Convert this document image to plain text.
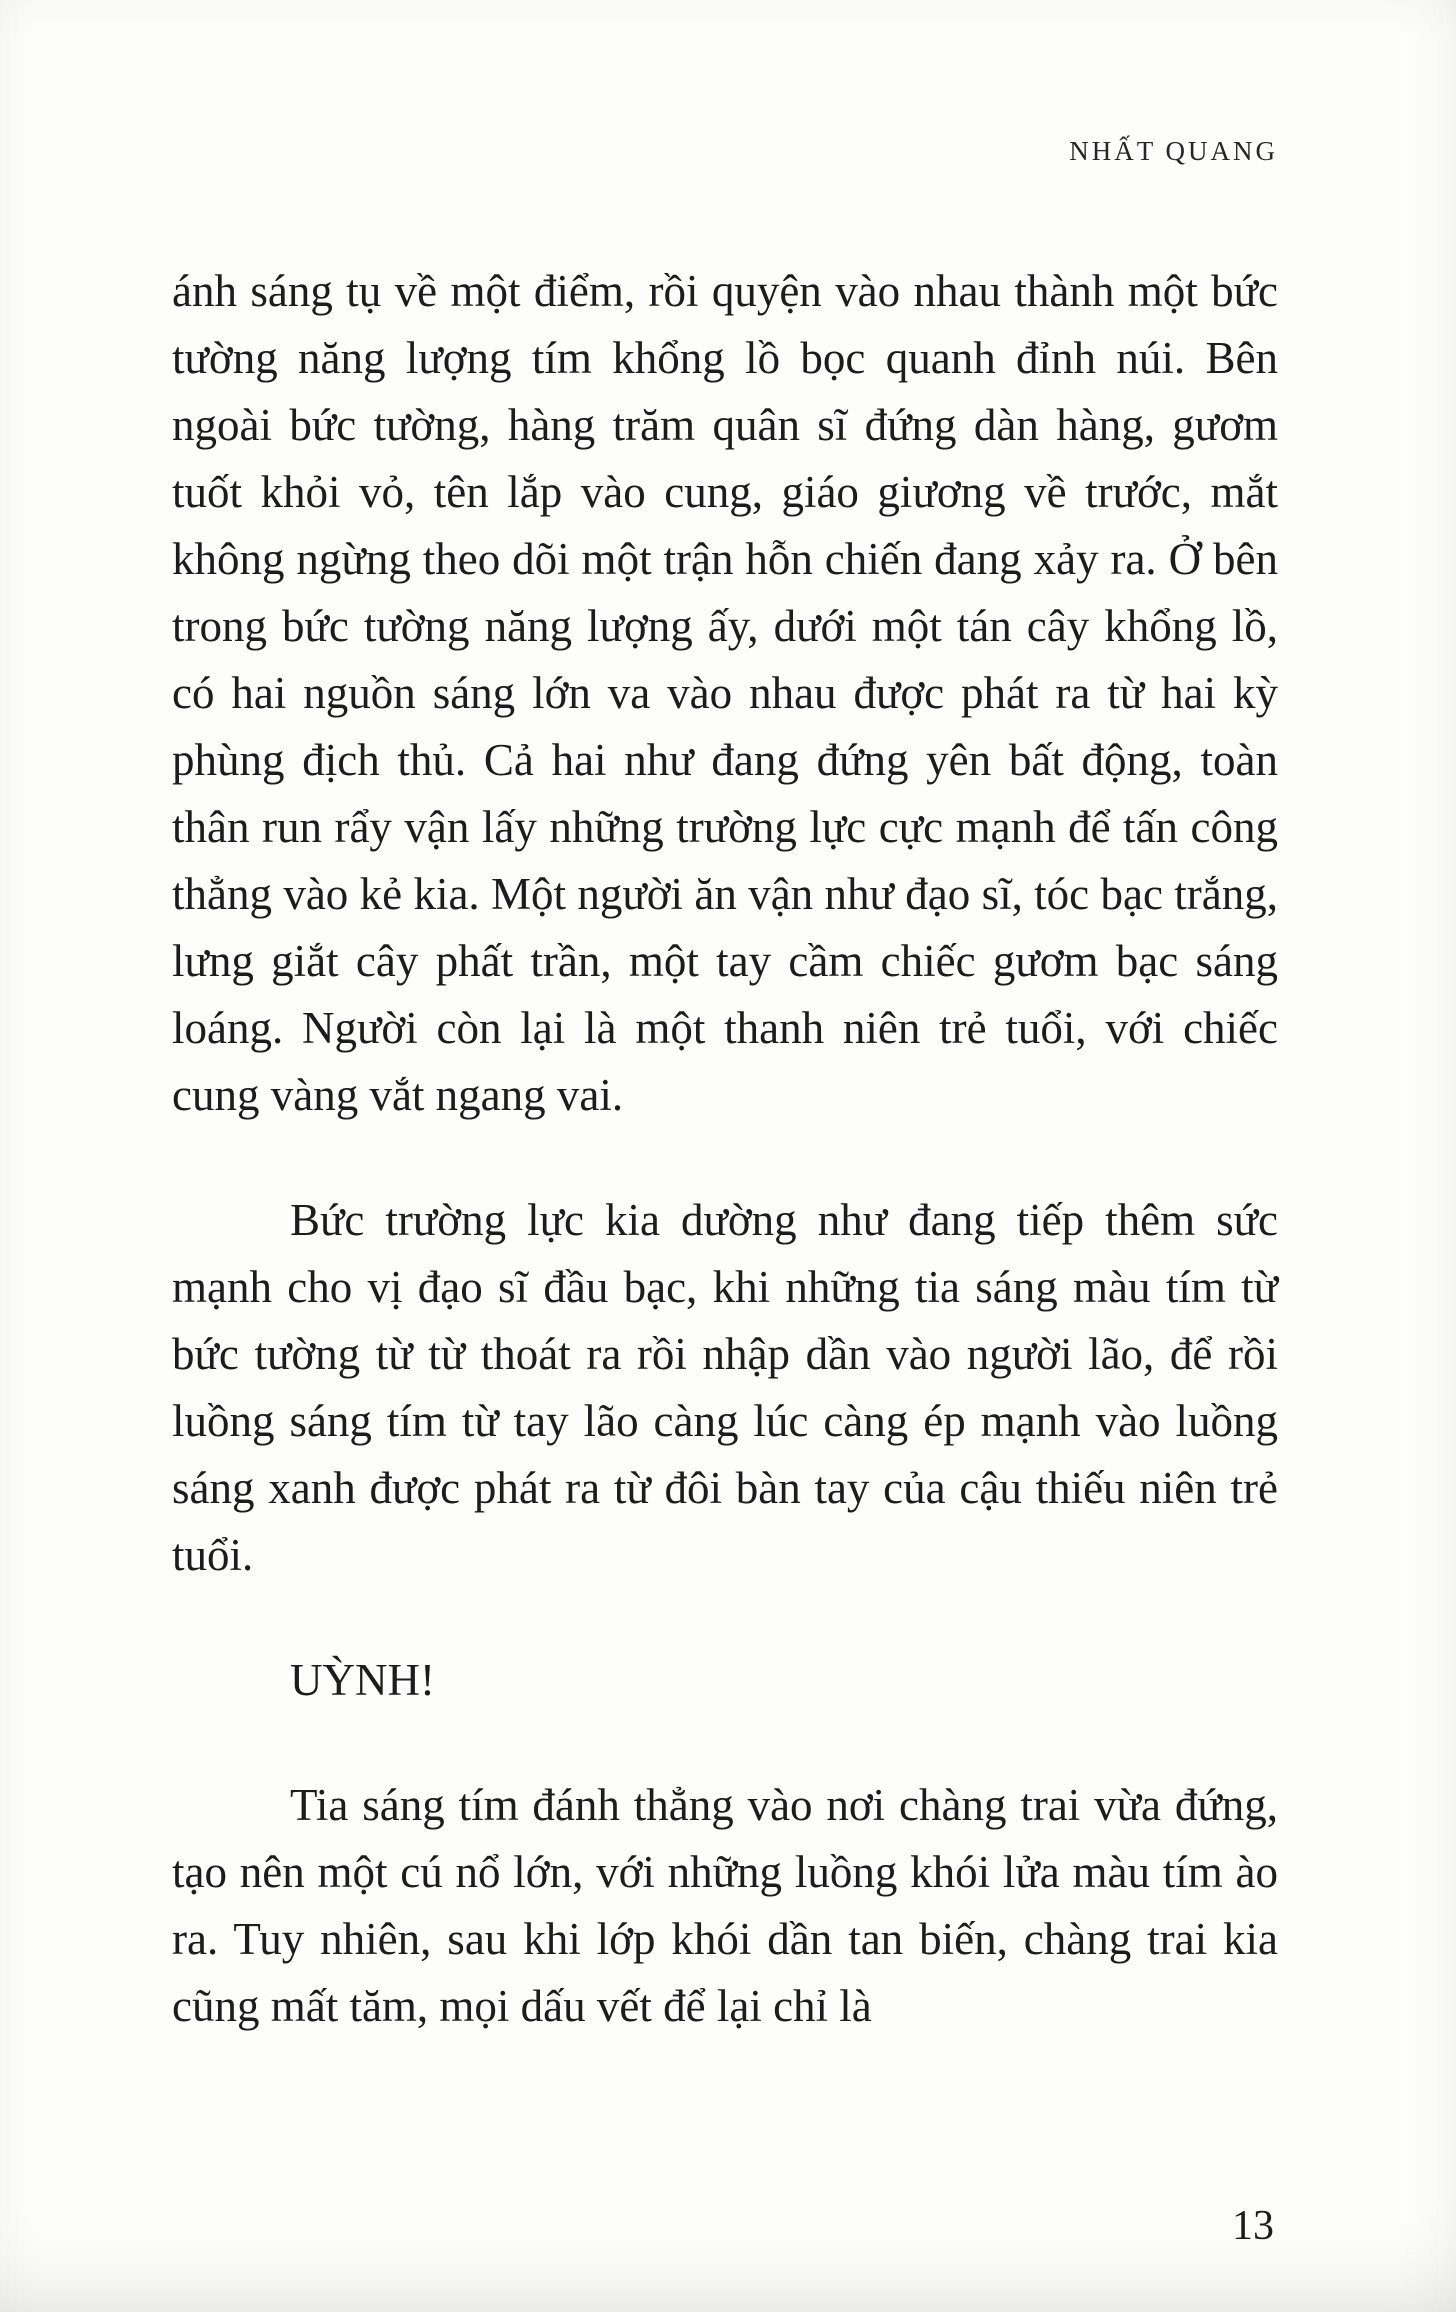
NHẤT QUANG

ánh sáng tụ về một điểm, rồi quyện vào nhau thành một bức tường năng lượng tím khổng lồ bọc quanh đỉnh núi. Bên ngoài bức tường, hàng trăm quân sĩ đứng dàn hàng, gươm tuốt khỏi vỏ, tên lắp vào cung, giáo giương về trước, mắt không ngừng theo dõi một trận hỗn chiến đang xảy ra. Ở bên trong bức tường năng lượng ấy, dưới một tán cây khổng lồ, có hai nguồn sáng lớn va vào nhau được phát ra từ hai kỳ phùng địch thủ. Cả hai như đang đứng yên bất động, toàn thân run rẩy vận lấy những trường lực cực mạnh để tấn công thẳng vào kẻ kia. Một người ăn vận như đạo sĩ, tóc bạc trắng, lưng giắt cây phất trần, một tay cầm chiếc gươm bạc sáng loáng. Người còn lại là một thanh niên trẻ tuổi, với chiếc cung vàng vắt ngang vai.

Bức trường lực kia dường như đang tiếp thêm sức mạnh cho vị đạo sĩ đầu bạc, khi những tia sáng màu tím từ bức tường từ từ thoát ra rồi nhập dần vào người lão, để rồi luồng sáng tím từ tay lão càng lúc càng ép mạnh vào luồng sáng xanh được phát ra từ đôi bàn tay của cậu thiếu niên trẻ tuổi.

UỲNH!

Tia sáng tím đánh thẳng vào nơi chàng trai vừa đứng, tạo nên một cú nổ lớn, với những luồng khói lửa màu tím ào ra. Tuy nhiên, sau khi lớp khói dần tan biến, chàng trai kia cũng mất tăm, mọi dấu vết để lại chỉ là

13
